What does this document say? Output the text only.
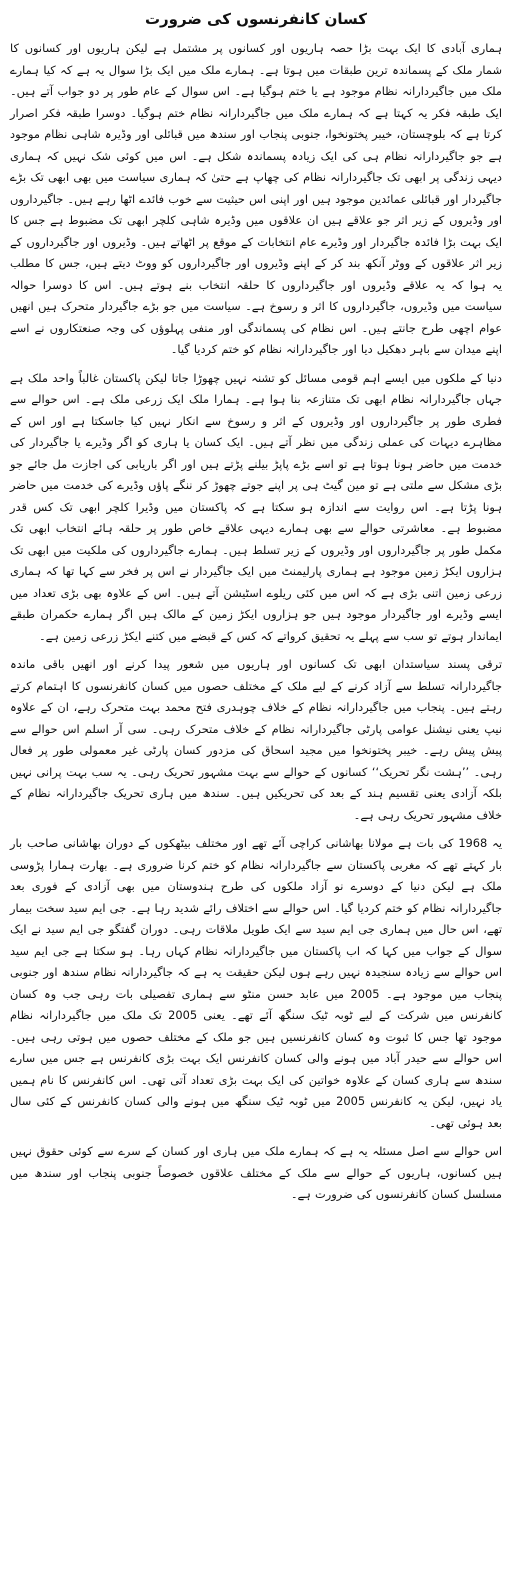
کسان کانفرنسوں کی ضرورت

ہماری آبادی کا ایک بہت بڑا حصہ ہاریوں اور کسانوں پر مشتمل ہے لیکن ہاریوں اور کسانوں کا شمار ملک کے پسماندہ ترین طبقات میں ہوتا ہے۔ ہمارے ملک میں ایک بڑا سوال یہ ہے کہ کیا ہمارے ملک میں جاگیردارانہ نظام موجود ہے یا ختم ہوگیا ہے۔ اس سوال کے عام طور پر دو جواب آتے ہیں۔ ایک طبقہ فکر یہ کہتا ہے کہ ہمارے ملک میں جاگیردارانہ نظام ختم ہوگیا۔ دوسرا طبقہ فکر اصرار کرتا ہے کہ بلوچستان، خیبر پختونخوا، جنوبی پنجاب اور سندھ میں قبائلی اور وڈیرہ شاہی نظام موجود ہے جو جاگیردارانہ نظام ہی کی ایک زیادہ پسماندہ شکل ہے۔ اس میں کوئی شک نہیں کہ ہماری دیہی زندگی پر ابھی تک جاگیردارانہ نظام کی چھاپ ہے حتیٰ کہ ہماری سیاست میں بھی ابھی تک بڑے جاگیردار اور قبائلی عمائدین موجود ہیں اور اپنی اس حیثیت سے خوب فائدے اٹھا رہے ہیں۔ جاگیرداروں اور وڈیروں کے زیر اثر جو علاقے ہیں ان علاقوں میں وڈیرہ شاہی کلچر ابھی تک مضبوط ہے جس کا ایک بہت بڑا فائدہ جاگیردار اور وڈیرے عام انتخابات کے موقع پر اٹھاتے ہیں۔ وڈیروں اور جاگیرداروں کے زیر اثر علاقوں کے ووٹر آنکھ بند کر کے اپنے وڈیروں اور جاگیرداروں کو ووٹ دیتے ہیں، جس کا مطلب یہ ہوا کہ یہ علاقے وڈیروں اور جاگیرداروں کا حلقہ انتخاب بنے ہوتے ہیں۔ اس کا دوسرا حوالہ سیاست میں وڈیروں، جاگیرداروں کا اثر و رسوخ ہے۔ سیاست میں جو بڑے جاگیردار متحرک ہیں انھیں عوام اچھی طرح جانتے ہیں۔ اس نظام کی پسماندگی اور منفی پہلوؤں کی وجہ صنعتکاروں نے اسے اپنے میدان سے باہر دھکیل دیا اور جاگیردارانہ نظام کو ختم کردیا گیا۔

دنیا کے ملکوں میں ایسے اہم قومی مسائل کو تشنہ نہیں چھوڑا جاتا لیکن پاکستان غالباً واحد ملک ہے جہاں جاگیردارانہ نظام ابھی تک متنازعہ بنا ہوا ہے۔ ہمارا ملک ایک زرعی ملک ہے۔ اس حوالے سے فطری طور پر جاگیرداروں اور وڈیروں کے اثر و رسوخ سے انکار نہیں کیا جاسکتا ہے اور اس کے مظاہرے دیہات کی عملی زندگی میں نظر آتے ہیں۔ ایک کسان یا ہاری کو اگر وڈیرے یا جاگیردار کی خدمت میں حاضر ہونا ہوتا ہے تو اسے بڑے پاپڑ بیلنے پڑتے ہیں اور اگر باریابی کی اجازت مل جائے جو بڑی مشکل سے ملتی ہے تو مین گیٹ ہی پر اپنے جوتے چھوڑ کر ننگے پاؤں وڈیرے کی خدمت میں حاضر ہونا پڑتا ہے۔ اس روایت سے اندازہ ہو سکتا ہے کہ پاکستان میں وڈیرا کلچر ابھی تک کس قدر مضبوط ہے۔ معاشرتی حوالے سے بھی ہمارے دیہی علاقے خاص طور پر حلقہ ہائے انتخاب ابھی تک مکمل طور پر جاگیرداروں اور وڈیروں کے زیر تسلط ہیں۔ ہمارے جاگیرداروں کی ملکیت میں ابھی تک ہزاروں ایکڑ زمین موجود ہے ہماری پارلیمنٹ میں ایک جاگیردار نے اس پر فخر سے کہا تھا کہ ہماری زرعی زمین اتنی بڑی ہے کہ اس میں کئی ریلوے اسٹیشن آتے ہیں۔ اس کے علاوہ بھی بڑی تعداد میں ایسے وڈیرے اور جاگیردار موجود ہیں جو ہزاروں ایکڑ زمین کے مالک ہیں اگر ہمارے حکمران طبقے ایماندار ہوتے تو سب سے پہلے یہ تحقیق کرواتے کہ کس کے قبضے میں کتنے ایکڑ زرعی زمین ہے۔

ترقی پسند سیاستدان ابھی تک کسانوں اور ہاریوں میں شعور پیدا کرنے اور انھیں باقی ماندہ جاگیردارانہ تسلط سے آزاد کرنے کے لیے ملک کے مختلف حصوں میں کسان کانفرنسوں کا اہتمام کرتے رہتے ہیں۔ پنجاب میں جاگیردارانہ نظام کے خلاف چوہدری فتح محمد بہت متحرک رہے، ان کے علاوہ نیپ یعنی نیشنل عوامی پارٹی جاگیردارانہ نظام کے خلاف متحرک رہی۔ سی آر اسلم اس حوالے سے پیش پیش رہے۔ خیبر پختونخوا میں مجید اسحاق کی مزدور کسان پارٹی غیر معمولی طور پر فعال رہی۔ ’’ہشت نگر تحریک‘‘ کسانوں کے حوالے سے بہت مشہور تحریک رہی۔ یہ سب بہت پرانی نہیں بلکہ آزادی یعنی تقسیم ہند کے بعد کی تحریکیں ہیں۔ سندھ میں ہاری تحریک جاگیردارانہ نظام کے خلاف مشہور تحریک رہی ہے۔

یہ 1968 کی بات ہے مولانا بھاشانی کراچی آئے تھے اور مختلف بیٹھکوں کے دوران بھاشانی صاحب بار بار کہتے تھے کہ مغربی پاکستان سے جاگیردارانہ نظام کو ختم کرنا ضروری ہے۔ بھارت ہمارا پڑوسی ملک ہے لیکن دنیا کے دوسرے نو آزاد ملکوں کی طرح ہندوستان میں بھی آزادی کے فوری بعد جاگیردارانہ نظام کو ختم کردیا گیا۔ اس حوالے سے اختلاف رائے شدید رہا ہے۔ جی ایم سید سخت بیمار تھے، اس حال میں ہماری جی ایم سید سے ایک طویل ملاقات رہی۔ دوران گفتگو جی ایم سید نے ایک سوال کے جواب میں کہا کہ اب پاکستان میں جاگیردارانہ نظام کہاں رہا۔ ہو سکتا ہے جی ایم سید اس حوالے سے زیادہ سنجیدہ نہیں رہے ہوں لیکن حقیقت یہ ہے کہ جاگیردارانہ نظام سندھ اور جنوبی پنجاب میں موجود ہے۔ 2005 میں عابد حسن منٹو سے ہماری تفصیلی بات رہی جب وہ کسان کانفرنس میں شرکت کے لیے ٹوبہ ٹیک سنگھ آئے تھے۔ یعنی 2005 تک ملک میں جاگیردارانہ نظام موجود تھا جس کا ثبوت وہ کسان کانفرنسیں ہیں جو ملک کے مختلف حصوں میں ہوتی رہی ہیں۔ اس حوالے سے حیدر آباد میں ہونے والی کسان کانفرنس ایک بہت بڑی کانفرنس ہے جس میں سارے سندھ سے ہاری کسان کے علاوہ خواتین کی ایک بہت بڑی تعداد آتی تھی۔ اس کانفرنس کا نام ہمیں یاد نہیں، لیکن یہ کانفرنس 2005 میں ٹوبہ ٹیک سنگھ میں ہونے والی کسان کانفرنس کے کئی سال بعد ہوئی تھی۔

اس حوالے سے اصل مسئلہ یہ ہے کہ ہمارے ملک میں ہاری اور کسان کے سرے سے کوئی حقوق نہیں ہیں کسانوں، ہاریوں کے حوالے سے ملک کے مختلف علاقوں خصوصاً جنوبی پنجاب اور سندھ میں مسلسل کسان کانفرنسوں کی ضرورت ہے۔
